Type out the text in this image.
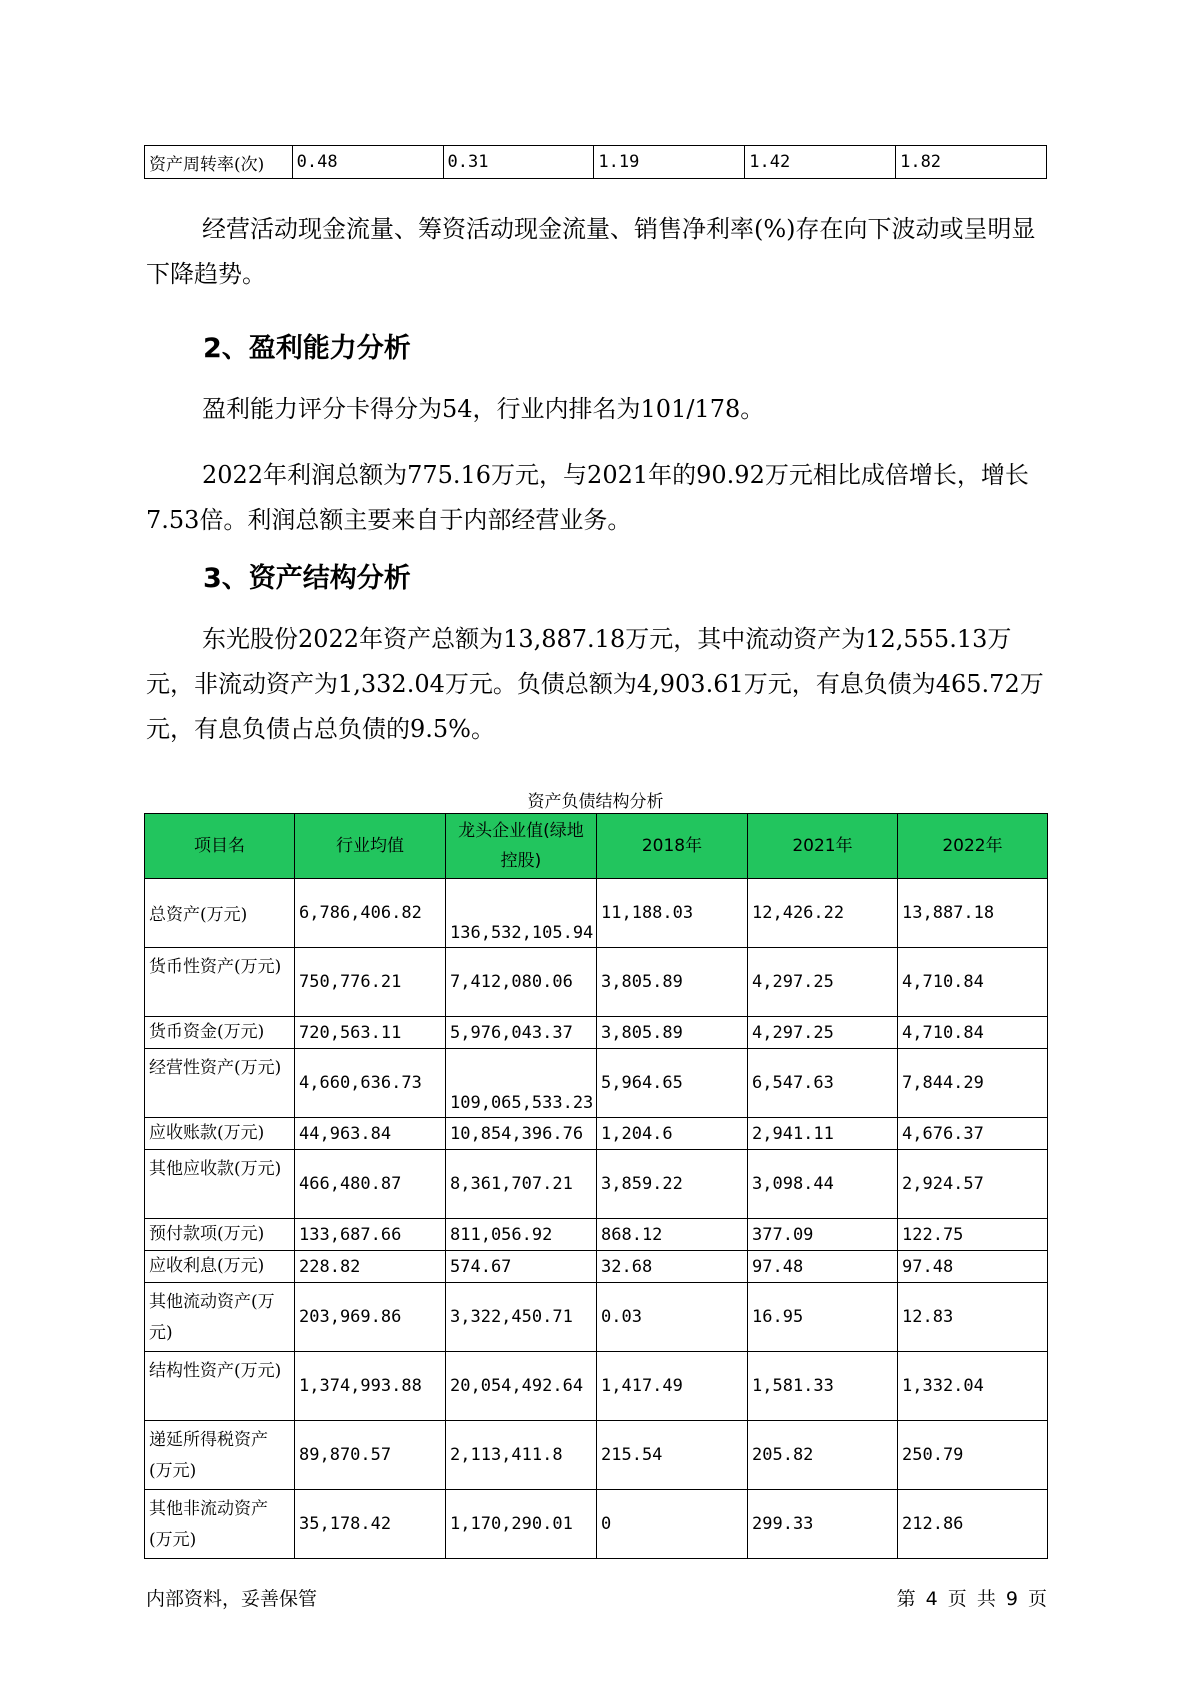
资产周转率(次)	0.48	0.31	1.19	1.42	1.82
经营活动现金流量、筹资活动现金流量、销售净利率(%)存在向下波动或呈明显下降趋势。
2、盈利能力分析
盈利能力评分卡得分为54，行业内排名为101/178。
2022年利润总额为775.16万元，与2021年的90.92万元相比成倍增长，增长7.53倍。利润总额主要来自于内部经营业务。
3、资产结构分析
东光股份2022年资产总额为13,887.18万元，其中流动资产为12,555.13万元，非流动资产为1,332.04万元。负债总额为4,903.61万元，有息负债为465.72万元，有息负债占总负债的9.5%。
资产负债结构分析
项目名	行业均值	龙头企业值(绿地控股)	2018年	2021年	2022年
总资产(万元)	6,786,406.82	136,532,105.94	11,188.03	12,426.22	13,887.18
货币性资产(万元)	750,776.21	7,412,080.06	3,805.89	4,297.25	4,710.84
货币资金(万元)	720,563.11	5,976,043.37	3,805.89	4,297.25	4,710.84
经营性资产(万元)	4,660,636.73	109,065,533.23	5,964.65	6,547.63	7,844.29
应收账款(万元)	44,963.84	10,854,396.76	1,204.6	2,941.11	4,676.37
其他应收款(万元)	466,480.87	8,361,707.21	3,859.22	3,098.44	2,924.57
预付款项(万元)	133,687.66	811,056.92	868.12	377.09	122.75
应收利息(万元)	228.82	574.67	32.68	97.48	97.48
其他流动资产(万元)	203,969.86	3,322,450.71	0.03	16.95	12.83
结构性资产(万元)	1,374,993.88	20,054,492.64	1,417.49	1,581.33	1,332.04
递延所得税资产(万元)	89,870.57	2,113,411.8	215.54	205.82	250.79
其他非流动资产(万元)	35,178.42	1,170,290.01	0	299.33	212.86
内部资料，妥善保管	第 4 页 共 9 页
